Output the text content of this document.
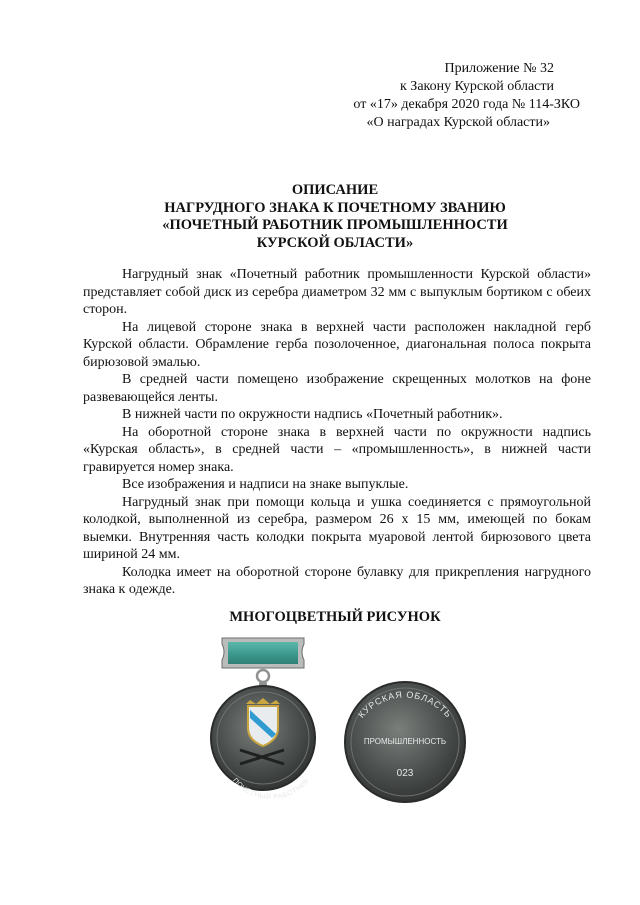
Приложение № 32
к Закону Курской области
от «17» декабря 2020 года № 114-ЗКО
«О наградах Курской области»
ОПИСАНИЕ
НАГРУДНОГО ЗНАКА К ПОЧЕТНОМУ ЗВАНИЮ
«ПОЧЕТНЫЙ РАБОТНИК ПРОМЫШЛЕННОСТИ
КУРСКОЙ ОБЛАСТИ»

Нагрудный знак «Почетный работник промышленности Курской области» представляет собой диск из серебра диаметром 32 мм с выпуклым бортиком с обеих сторон.

На лицевой стороне знака в верхней части расположен накладной герб Курской области. Обрамление герба позолоченное, диагональная полоса покрыта бирюзовой эмалью.

В средней части помещено изображение скрещенных молотков на фоне развевающейся ленты.

В нижней части по окружности надпись «Почетный работник».

На оборотной стороне знака в верхней части по окружности надпись «Курская область», в средней части – «промышленность», в нижней части гравируется номер знака.

Все изображения и надписи на знаке выпуклые.

Нагрудный знак при помощи кольца и ушка соединяется с прямоугольной колодкой, выполненной из серебра, размером 26 х 15 мм, имеющей по бокам выемки. Внутренняя часть колодки покрыта муаровой лентой бирюзового цвета шириной 24 мм.

Колодка имеет на оборотной стороне булавку для прикрепления нагрудного знака к одежде.

МНОГОЦВЕТНЫЙ РИСУНОК
ПОЧЕТНЫЙ РАБОТНИК
КУРСКАЯ ОБЛАСТЬ
ПРОМЫШЛЕННОСТЬ
023
